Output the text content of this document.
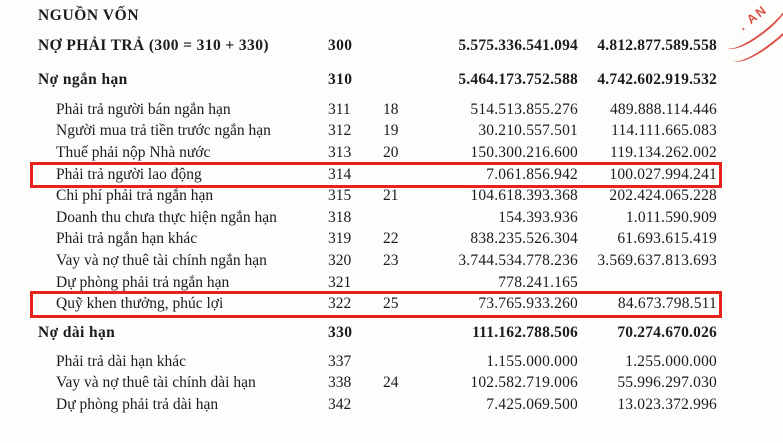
NGUỒN VỐN
NỢ PHẢI TRẢ (300 = 310 + 330)	300	5.575.336.541.094	4.812.877.589.558
Nợ ngắn hạn	310	5.464.173.752.588	4.742.602.919.532
Phải trả người bán ngắn hạn	311	18	514.513.855.276	489.888.114.446
Người mua trả tiền trước ngắn hạn	312	19	30.210.557.501	114.111.665.083
Thuế phải nộp Nhà nước	313	20	150.300.216.600	119.134.262.002
Phải trả người lao động	314	7.061.856.942	100.027.994.241
Chi phí phải trả ngắn hạn	315	21	104.618.393.368	202.424.065.228
Doanh thu chưa thực hiện ngắn hạn	318	154.393.936	1.011.590.909
Phải trả ngắn hạn khác	319	22	838.235.526.304	61.693.615.419
Vay và nợ thuê tài chính ngắn hạn	320	23	3.744.534.778.236	3.569.637.813.693
Dự phòng phải trả ngắn hạn	321	778.241.165
Quỹ khen thưởng, phúc lợi	322	25	73.765.933.260	84.673.798.511
Nợ dài hạn	330	111.162.788.506	70.274.670.026
Phải trả dài hạn khác	337	1.155.000.000	1.255.000.000
Vay và nợ thuê tài chính dài hạn	338	24	102.582.719.006	55.996.297.030
Dự phòng phải trả dài hạn	342	7.425.069.500	13.023.372.996
. AN
